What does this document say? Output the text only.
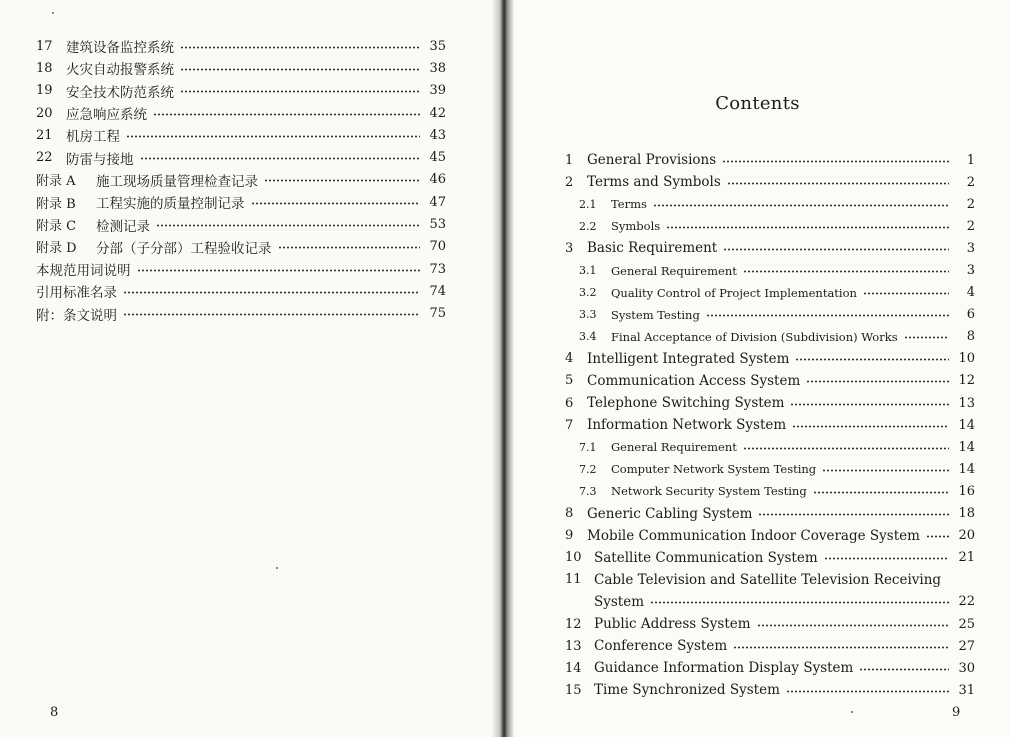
17 建筑设备监控系统	35
18 火灾自动报警系统	38
19 安全技术防范系统	39
20 应急响应系统	42
21 机房工程	43
22 防雷与接地	45
附录 A	施工现场质量管理检查记录	46
附录 B	工程实施的质量控制记录	47
附录 C	检测记录	53
附录 D	分部（子分部）工程验收记录	70
本规范用词说明	73
引用标准名录	74
附：条文说明	75
Contents
1	General Provisions	1
2	Terms and Symbols	2
2.1	Terms	2
2.2	Symbols	2
3	Basic Requirement	3
3.1	General Requirement	3
3.2	Quality Control of Project Implementation	4
3.3	System Testing	6
3.4	Final Acceptance of Division (Subdivision) Works	8
4	Intelligent Integrated System	10
5	Communication Access System	12
6	Telephone Switching System	13
7	Information Network System	14
7.1	General Requirement	14
7.2	Computer Network System Testing	14
7.3	Network Security System Testing	16
8	Generic Cabling System	18
9	Mobile Communication Indoor Coverage System	20
10 Satellite Communication System	21
11 Cable Television and Satellite Television Receiving
System	22
12 Public Address System	25
13 Conference System	27
14 Guidance Information Display System	30
15 Time Synchronized System	31
8	9
